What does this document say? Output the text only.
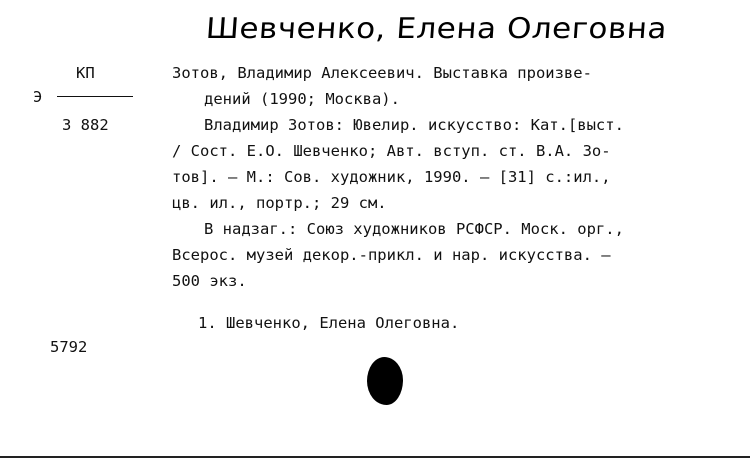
Шевченко, Елена Олеговна
КП
Э
3 882
Зотов, Владимир Алексеевич. Выставка произве-
дений (1990; Москва).
Владимир Зотов: Ювелир. искусство: Кат.[выст.
/ Сост. Е.О. Шевченко; Авт. вступ. ст. В.А. Зо-
тов]. – М.: Сов. художник, 1990. – [31] с.:ил.,
цв. ил., портр.; 29 см.
В надзаг.: Союз художников РСФСР. Моск. орг.,
Всерос. музей декор.-прикл. и нар. искусства. –
500 экз.
1. Шевченко, Елена Олеговна.
5792
